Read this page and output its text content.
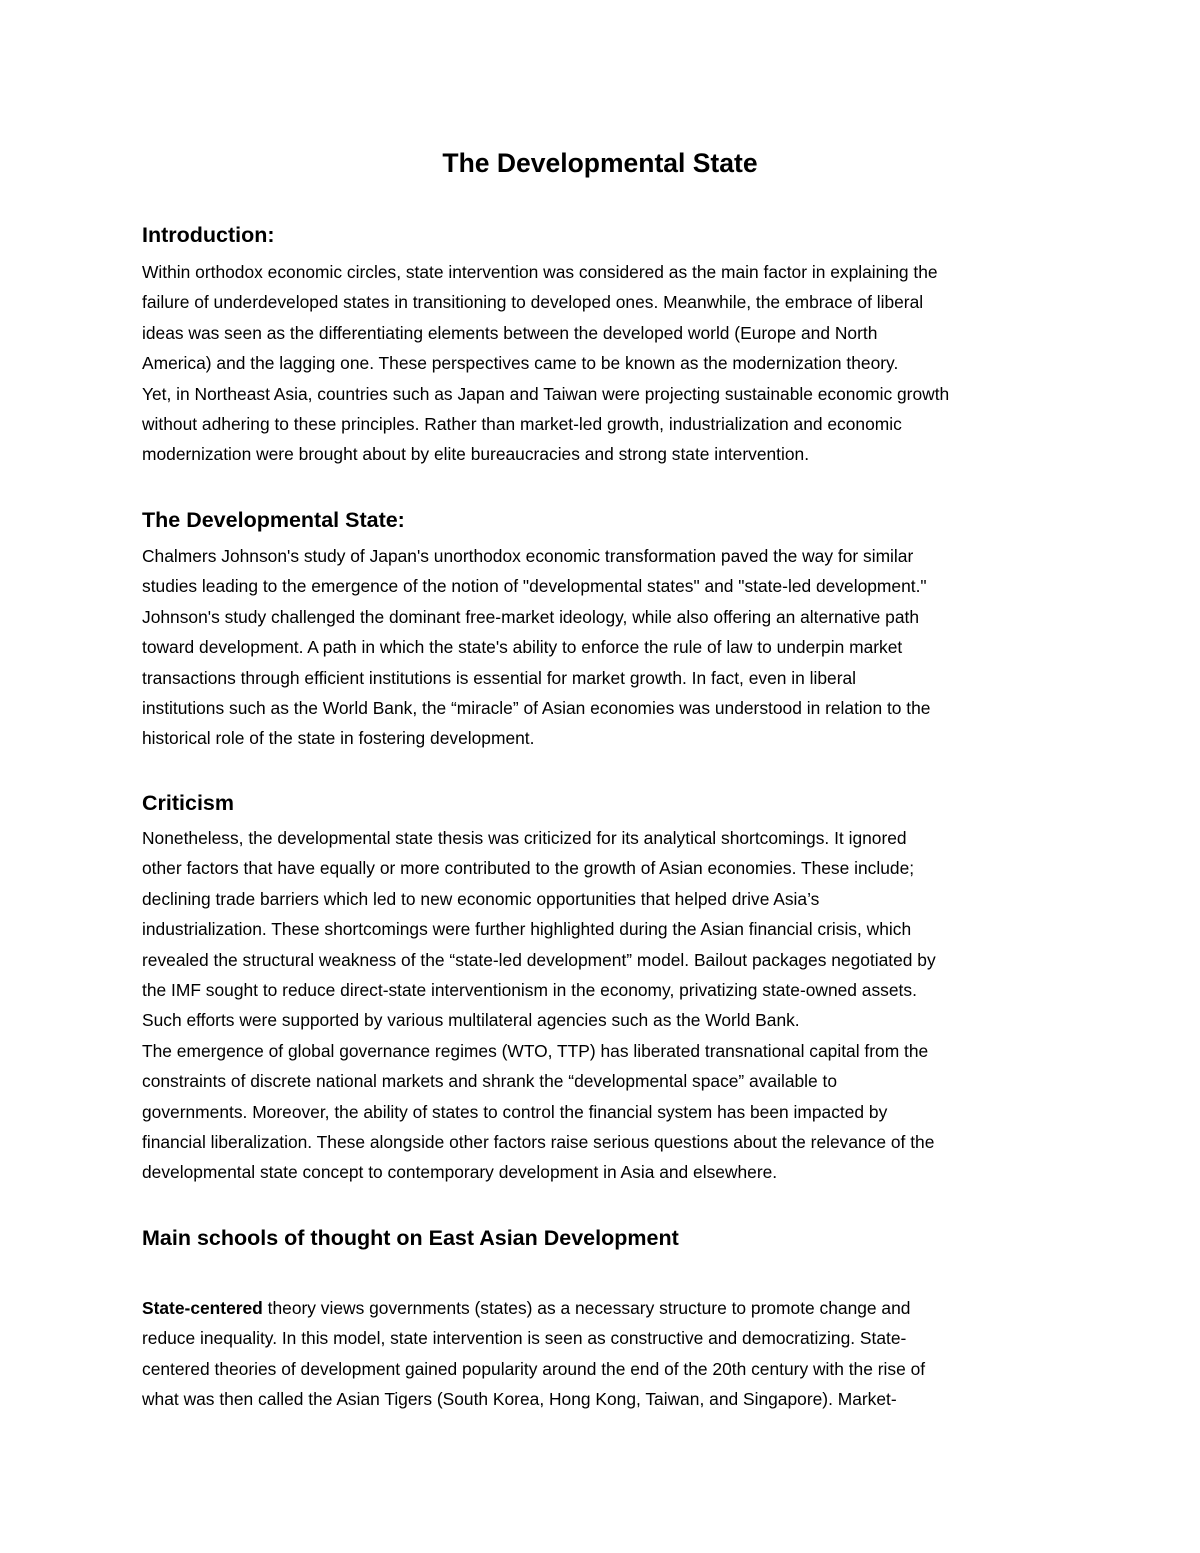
The Developmental State
Introduction:
Within orthodox economic circles, state intervention was considered as the main factor in explaining the
failure of underdeveloped states in transitioning to developed ones. Meanwhile, the embrace of liberal
ideas was seen as the differentiating elements between the developed world (Europe and North
America) and the lagging one. These perspectives came to be known as the modernization theory.
Yet, in Northeast Asia, countries such as Japan and Taiwan were projecting sustainable economic growth
without adhering to these principles. Rather than market-led growth, industrialization and economic
modernization were brought about by elite bureaucracies and strong state intervention.
The Developmental State:
Chalmers Johnson's study of Japan's unorthodox economic transformation paved the way for similar
studies leading to the emergence of the notion of "developmental states" and "state-led development."
Johnson's study challenged the dominant free-market ideology, while also offering an alternative path
toward development. A path in which the state's ability to enforce the rule of law to underpin market
transactions through efficient institutions is essential for market growth. In fact, even in liberal
institutions such as the World Bank, the “miracle” of Asian economies was understood in relation to the
historical role of the state in fostering development.
Criticism
Nonetheless, the developmental state thesis was criticized for its analytical shortcomings. It ignored
other factors that have equally or more contributed to the growth of Asian economies. These include;
declining trade barriers which led to new economic opportunities that helped drive Asia’s
industrialization. These shortcomings were further highlighted during the Asian financial crisis, which
revealed the structural weakness of the “state-led development” model. Bailout packages negotiated by
the IMF sought to reduce direct-state interventionism in the economy, privatizing state-owned assets.
Such efforts were supported by various multilateral agencies such as the World Bank.
The emergence of global governance regimes (WTO, TTP) has liberated transnational capital from the
constraints of discrete national markets and shrank the “developmental space” available to
governments. Moreover, the ability of states to control the financial system has been impacted by
financial liberalization. These alongside other factors raise serious questions about the relevance of the
developmental state concept to contemporary development in Asia and elsewhere.
Main schools of thought on East Asian Development
State-centered theory views governments (states) as a necessary structure to promote change and
reduce inequality. In this model, state intervention is seen as constructive and democratizing. State-
centered theories of development gained popularity around the end of the 20th century with the rise of
what was then called the Asian Tigers (South Korea, Hong Kong, Taiwan, and Singapore). Market-
